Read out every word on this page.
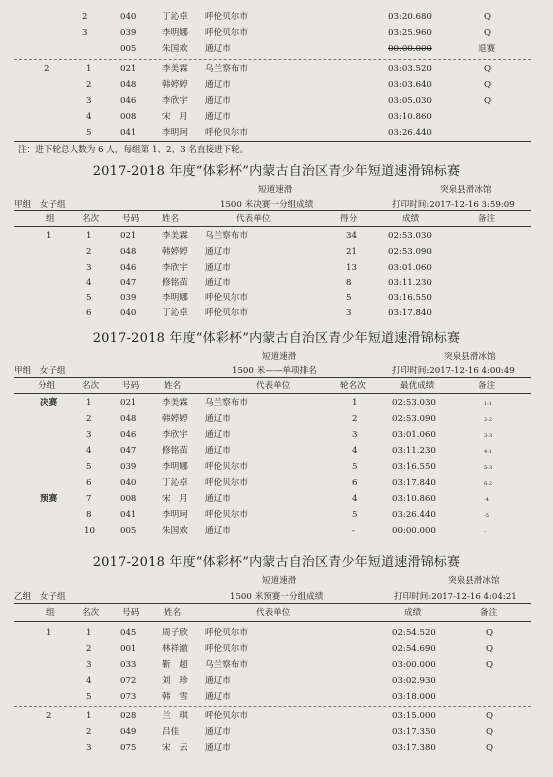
2	040	丁沁卓 呼伦贝尔市	03:20.680	Q
3	039	李明娜 呼伦贝尔市	03:25.960	Q
005	朱国欢 通辽市	00:00.000	退赛
2	1	021	李美霖 乌兰察布市	03:03.520	Q
2	048	韩婷婷 通辽市	03:03.640	Q
3	046	李欣宇 通辽市	03:05.030	Q
4	008	宋　月 通辽市	03:10.860
5	041	李明珂 呼伦贝尔市	03:26.440
注：进下轮总人数为 6 人，每组第 1、2、3 名直接进下轮。
2017-2018 年度“体彩杯”内蒙古自治区青少年短道速滑锦标赛
短道速滑	突泉县滑冰馆
甲组　女子组	1500 米决赛一分组成绩	打印时间:2017-12-16 3:59:09
组	名次	号码	姓名	代表单位	得分	成绩	备注
1	1	021	李美霖 乌兰察布市	34	02:53.030
2	048	韩婷婷 通辽市	21	02:53.090
3	046	李欣宇 通辽市	13	03:01.060
4	047	修铭苗 通辽市	8	03:11.230
5	039	李明娜 呼伦贝尔市	5	03:16.550
6	040	丁沁卓 呼伦贝尔市	3	03:17.840
2017-2018 年度“体彩杯”内蒙古自治区青少年短道速滑锦标赛
短道速滑	突泉县滑冰馆
甲组　女子组	1500 米——单项排名	打印时间:2017-12-16 4:00:49
分组	名次	号码	姓名	代表单位	轮名次	最优成绩	备注
决赛	1	021	李美霖 乌兰察布市	1	02:53.030	1-1
2	048	韩婷婷 通辽市	2	02:53.090	2-2
3	046	李欣宇 通辽市	3	03:01.060	3-3
4	047	修铭苗 通辽市	4	03:11.230	4-1
5	039	李明娜 呼伦贝尔市	5	03:16.550	5-3
6	040	丁沁卓 呼伦贝尔市	6	03:17.840	6-2
预赛	7	008	宋　月 通辽市	4	03:10.860	-4
8	041	李明珂 呼伦贝尔市	5	03:26.440	-5
10	005	朱国欢 通辽市	-	00:00.000	-
2017-2018 年度“体彩杯”内蒙古自治区青少年短道速滑锦标赛
短道速滑	突泉县滑冰馆
乙组　女子组	1500 米预赛一分组成绩	打印时间:2017-12-16 4:04:21
组	名次	号码	姓名	代表单位	成绩	备注
1	1	045	周子欣 呼伦贝尔市	02:54.520	Q
2	001	林祥澈 呼伦贝尔市	02:54.690	Q
3	033	靳　超 乌兰察布市	03:00.000	Q
4	072	刘　珍 通辽市	03:02.930
5	073	韩　雪 通辽市	03:18.000
2	1	028	兰　琪 呼伦贝尔市	03:15.000	Q
2	049	吕佳	通辽市	03:17.350	Q
3	075	宋　云 通辽市	03:17.380	Q
